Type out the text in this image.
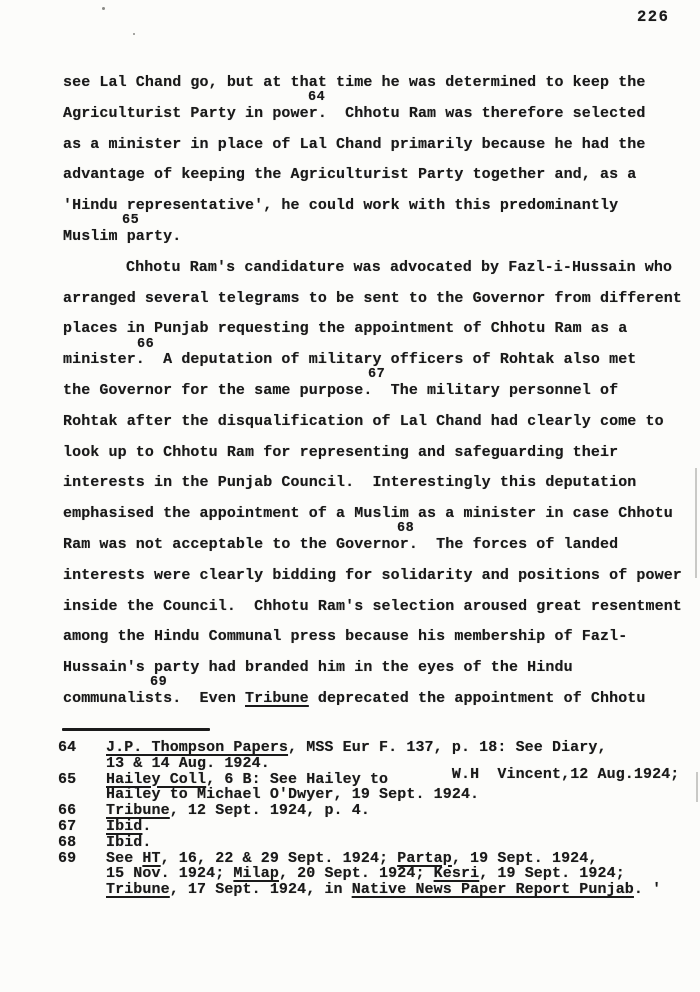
226
see Lal Chand go, but at that time he was determined to keep the
64
Agriculturist Party in power.  Chhotu Ram was therefore selected
as a minister in place of Lal Chand primarily because he had the
advantage of keeping the Agriculturist Party together and, as a
'Hindu representative', he could work with this predominantly
65
Muslim party.
Chhotu Ram's candidature was advocated by Fazl-i-Hussain who
arranged several telegrams to be sent to the Governor from different
places in Punjab requesting the appointment of Chhotu Ram as a
66
minister.  A deputation of military officers of Rohtak also met
67
the Governor for the same purpose.  The military personnel of
Rohtak after the disqualification of Lal Chand had clearly come to
look up to Chhotu Ram for representing and safeguarding their
interests in the Punjab Council.  Interestingly this deputation
emphasised the appointment of a Muslim as a minister in case Chhotu
68
Ram was not acceptable to the Governor.  The forces of landed
interests were clearly bidding for solidarity and positions of power
inside the Council.  Chhotu Ram's selection aroused great resentment
among the Hindu Communal press because his membership of Fazl-
Hussain's party had branded him in the eyes of the Hindu
69
communalists.  Even Tribune deprecated the appointment of Chhotu
64 J.P. Thompson Papers, MSS Eur F. 137, p. 18: See Diary,
13 & 14 Aug. 1924.
65 Hailey Coll, 6 B: See Hailey to       W.H  Vincent,12 Aug.1924;
Hailey to Michael O'Dwyer, 19 Sept. 1924.
66 Tribune, 12 Sept. 1924, p. 4.
67 Ibid.
68 Ibid.
69 See HT, 16, 22 & 29 Sept. 1924; Partap, 19 Sept. 1924,
15 Nov. 1924; Milap, 20 Sept. 1924; Kesri, 19 Sept. 1924;
Tribune, 17 Sept. 1924, in Native News Paper Report Punjab. '
